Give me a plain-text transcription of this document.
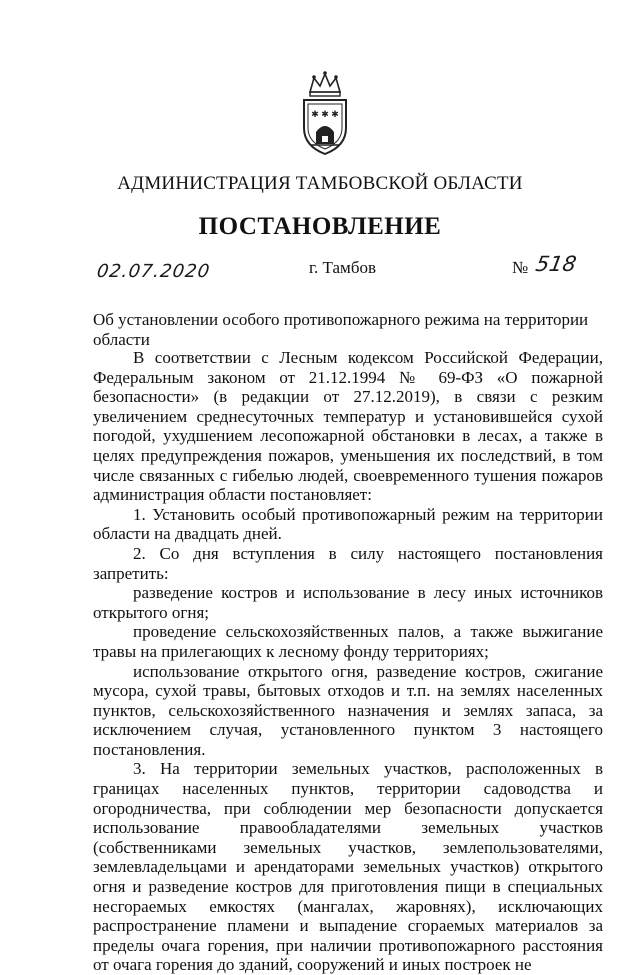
✱ ✱ ✱
АДМИНИСТРАЦИЯ ТАМБОВСКОЙ ОБЛАСТИ
ПОСТАНОВЛЕНИЕ
02.07.2020	г. Тамбов	№ 518
Об установлении особого противопожарного режима на территории области

В соответствии с Лесным кодексом Российской Федерации, Федеральным законом от 21.12.1994 № 69-ФЗ «О пожарной безопасности» (в редакции от 27.12.2019), в связи с резким увеличением среднесуточных температур и установившейся сухой погодой, ухудшением лесопожарной обстановки в лесах, а также в целях предупреждения пожаров, уменьшения их последствий, в том числе связанных с гибелью людей, своевременного тушения пожаров администрация области постановляет:

1. Установить особый противопожарный режим на территории области на двадцать дней.

2. Со дня вступления в силу настоящего постановления запретить:

разведение костров и использование в лесу иных источников открытого огня;

проведение сельскохозяйственных палов, а также выжигание травы на прилегающих к лесному фонду территориях;

использование открытого огня, разведение костров, сжигание мусора, сухой травы, бытовых отходов и т.п. на землях населенных пунктов, сельскохозяйственного назначения и землях запаса, за исключением случая, установленного пунктом 3 настоящего постановления.

3. На территории земельных участков, расположенных в границах населенных пунктов, территории садоводства и огородничества, при соблюдении мер безопасности допускается использование правообладателями земельных участков (собственниками земельных участков, землепользователями, землевладельцами и арендаторами земельных участков) открытого огня и разведение костров для приготовления пищи в специальных несгораемых емкостях (мангалах, жаровнях), исключающих распространение пламени и выпадение сгораемых материалов за пределы очага горения, при наличии противопожарного расстояния от очага горения до зданий, сооружений и иных построек не
